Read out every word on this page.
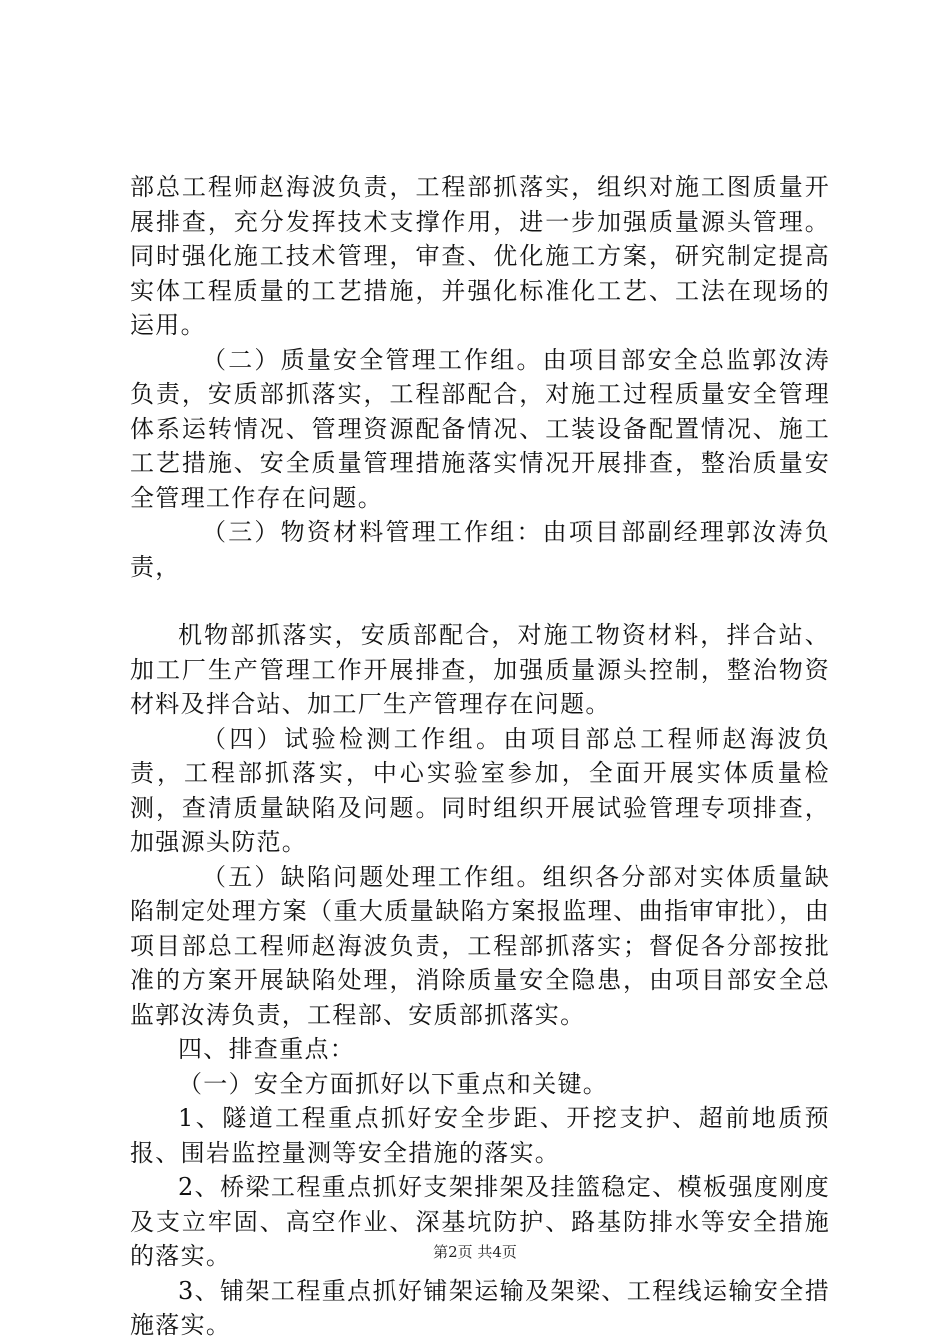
部总工程师赵海波负责，工程部抓落实，组织对施工图质量开展排查，充分发挥技术支撑作用，进一步加强质量源头管理。同时强化施工技术管理，审查、优化施工方案，研究制定提高实体工程质量的工艺措施，并强化标准化工艺、工法在现场的运用。

（二）质量安全管理工作组。由项目部安全总监郭汝涛负责，安质部抓落实，工程部配合，对施工过程质量安全管理体系运转情况、管理资源配备情况、工装设备配置情况、施工工艺措施、安全质量管理措施落实情况开展排查，整治质量安全管理工作存在问题。

（三）物资材料管理工作组：由项目部副经理郭汝涛负责，

机物部抓落实，安质部配合，对施工物资材料，拌合站、加工厂生产管理工作开展排查，加强质量源头控制，整治物资材料及拌合站、加工厂生产管理存在问题。

（四）试验检测工作组。由项目部总工程师赵海波负责，工程部抓落实，中心实验室参加，全面开展实体质量检测，查清质量缺陷及问题。同时组织开展试验管理专项排查，加强源头防范。

（五）缺陷问题处理工作组。组织各分部对实体质量缺陷制定处理方案（重大质量缺陷方案报监理、曲指审审批），由项目部总工程师赵海波负责，工程部抓落实；督促各分部按批准的方案开展缺陷处理，消除质量安全隐患，由项目部安全总监郭汝涛负责，工程部、安质部抓落实。

四、排查重点：

（一）安全方面抓好以下重点和关键。

1、隧道工程重点抓好安全步距、开挖支护、超前地质预报、围岩监控量测等安全措施的落实。

2、桥梁工程重点抓好支架排架及挂篮稳定、模板强度刚度及支立牢固、高空作业、深基坑防护、路基防排水等安全措施的落实。

3、铺架工程重点抓好铺架运输及架梁、工程线运输安全措施落实。

第2页 共4页
